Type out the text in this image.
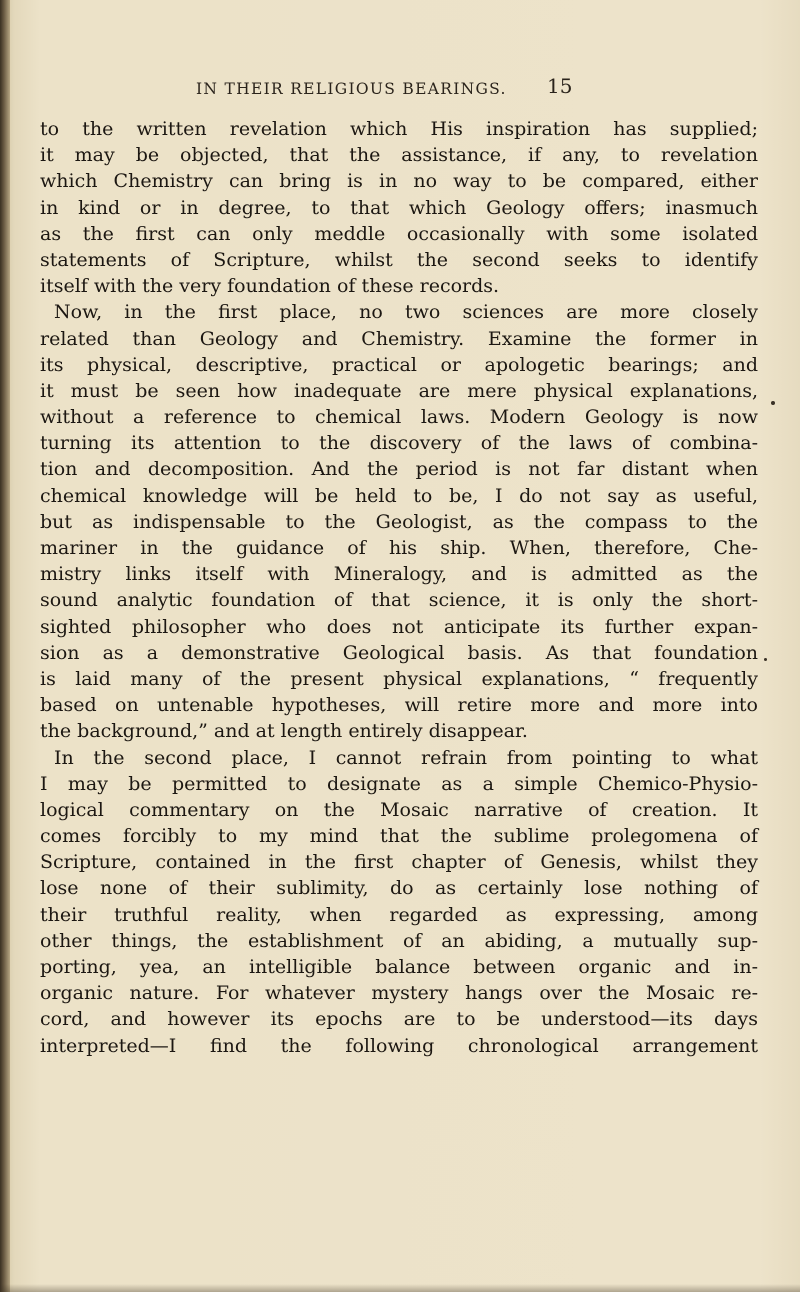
IN THEIR RELIGIOUS BEARINGS. 15
to the written revelation which His inspiration has supplied;
it may be objected, that the assistance, if any, to revelation
which Chemistry can bring is in no way to be compared, either
in kind or in degree, to that which Geology offers; inasmuch
as the first can only meddle occasionally with some isolated
statements of Scripture, whilst the second seeks to identify
itself with the very foundation of these records.
Now, in the first place, no two sciences are more closely
related than Geology and Chemistry. Examine the former in
its physical, descriptive, practical or apologetic bearings; and
it must be seen how inadequate are mere physical explanations,
without a reference to chemical laws. Modern Geology is now
turning its attention to the discovery of the laws of combina-
tion and decomposition. And the period is not far distant when
chemical knowledge will be held to be, I do not say as useful,
but as indispensable to the Geologist, as the compass to the
mariner in the guidance of his ship. When, therefore, Che-
mistry links itself with Mineralogy, and is admitted as the
sound analytic foundation of that science, it is only the short-
sighted philosopher who does not anticipate its further expan-
sion as a demonstrative Geological basis. As that foundation
is laid many of the present physical explanations, “ frequently
based on untenable hypotheses, will retire more and more into
the background,” and at length entirely disappear.
In the second place, I cannot refrain from pointing to what
I may be permitted to designate as a simple Chemico-Physio-
logical commentary on the Mosaic narrative of creation. It
comes forcibly to my mind that the sublime prolegomena of
Scripture, contained in the first chapter of Genesis, whilst they
lose none of their sublimity, do as certainly lose nothing of
their truthful reality, when regarded as expressing, among
other things, the establishment of an abiding, a mutually sup-
porting, yea, an intelligible balance between organic and in-
organic nature. For whatever mystery hangs over the Mosaic re-
cord, and however its epochs are to be understood—its days
interpreted—I find the following chronological arrangement
